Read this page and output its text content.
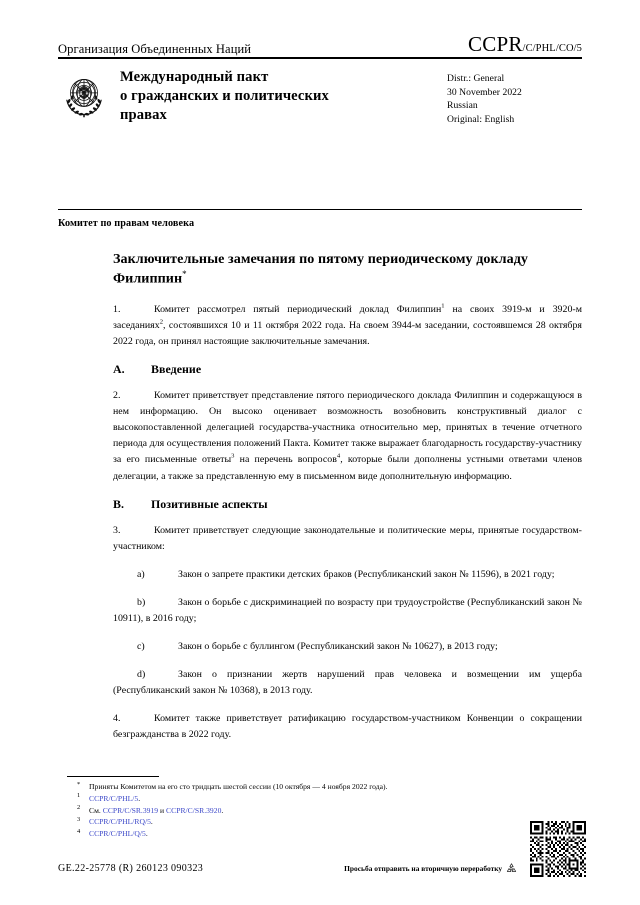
Организация Объединенных Наций	CCPR/C/PHL/CO/5
Международный пакт
о гражданских и политических
правах
Distr.: General
30 November 2022
Russian
Original: English
Комитет по правам человека
Заключительные замечания по пятому периодическому докладу Филиппин*

1.	Комитет рассмотрел пятый периодический доклад Филиппин$^1$ на своих 3919-м и 3920-м заседаниях$^2$, состоявшихся 10 и 11 октября 2022 года. На своем 3944-м заседании, состоявшемся 28 октября 2022 года, он принял настоящие заключительные замечания.

A.	Введение

2.	Комитет приветствует представление пятого периодического доклада Филиппин и содержащуюся в нем информацию. Он высоко оценивает возможность возобновить конструктивный диалог с высокопоставленной делегацией государства-участника относительно мер, принятых в течение отчетного периода для осуществления положений Пакта. Комитет также выражает благодарность государству-участнику за его письменные ответы$^3$ на перечень вопросов$^4$, которые были дополнены устными ответами членов делегации, а также за представленную ему в письменном виде дополнительную информацию.

B.	Позитивные аспекты

3.	Комитет приветствует следующие законодательные и политические меры, принятые государством-участником:

a)	Закон о запрете практики детских браков (Республиканский закон № 11596), в 2021 году;

b)	Закон о борьбе с дискриминацией по возрасту при трудоустройстве (Республиканский закон № 10911), в 2016 году;

c)	Закон о борьбе с буллингом (Республиканский закон № 10627), в 2013 году;

d)	Закон о признании жертв нарушений прав человека и возмещении им ущерба (Республиканский закон № 10368), в 2013 году.

4.	Комитет также приветствует ратификацию государством-участником Конвенции о сокращении безгражданства в 2022 году.

* Приняты Комитетом на его сто тридцать шестой сессии (10 октября — 4 ноября 2022 года).
1 CCPR/C/PHL/5.
2 См. CCPR/C/SR.3919 и CCPR/C/SR.3920.
3 CCPR/C/PHL/RQ/5.
4 CCPR/C/PHL/Q/5.
GE.22-25778 (R) 260123 090323	Просьба отправить на вторичную переработку
